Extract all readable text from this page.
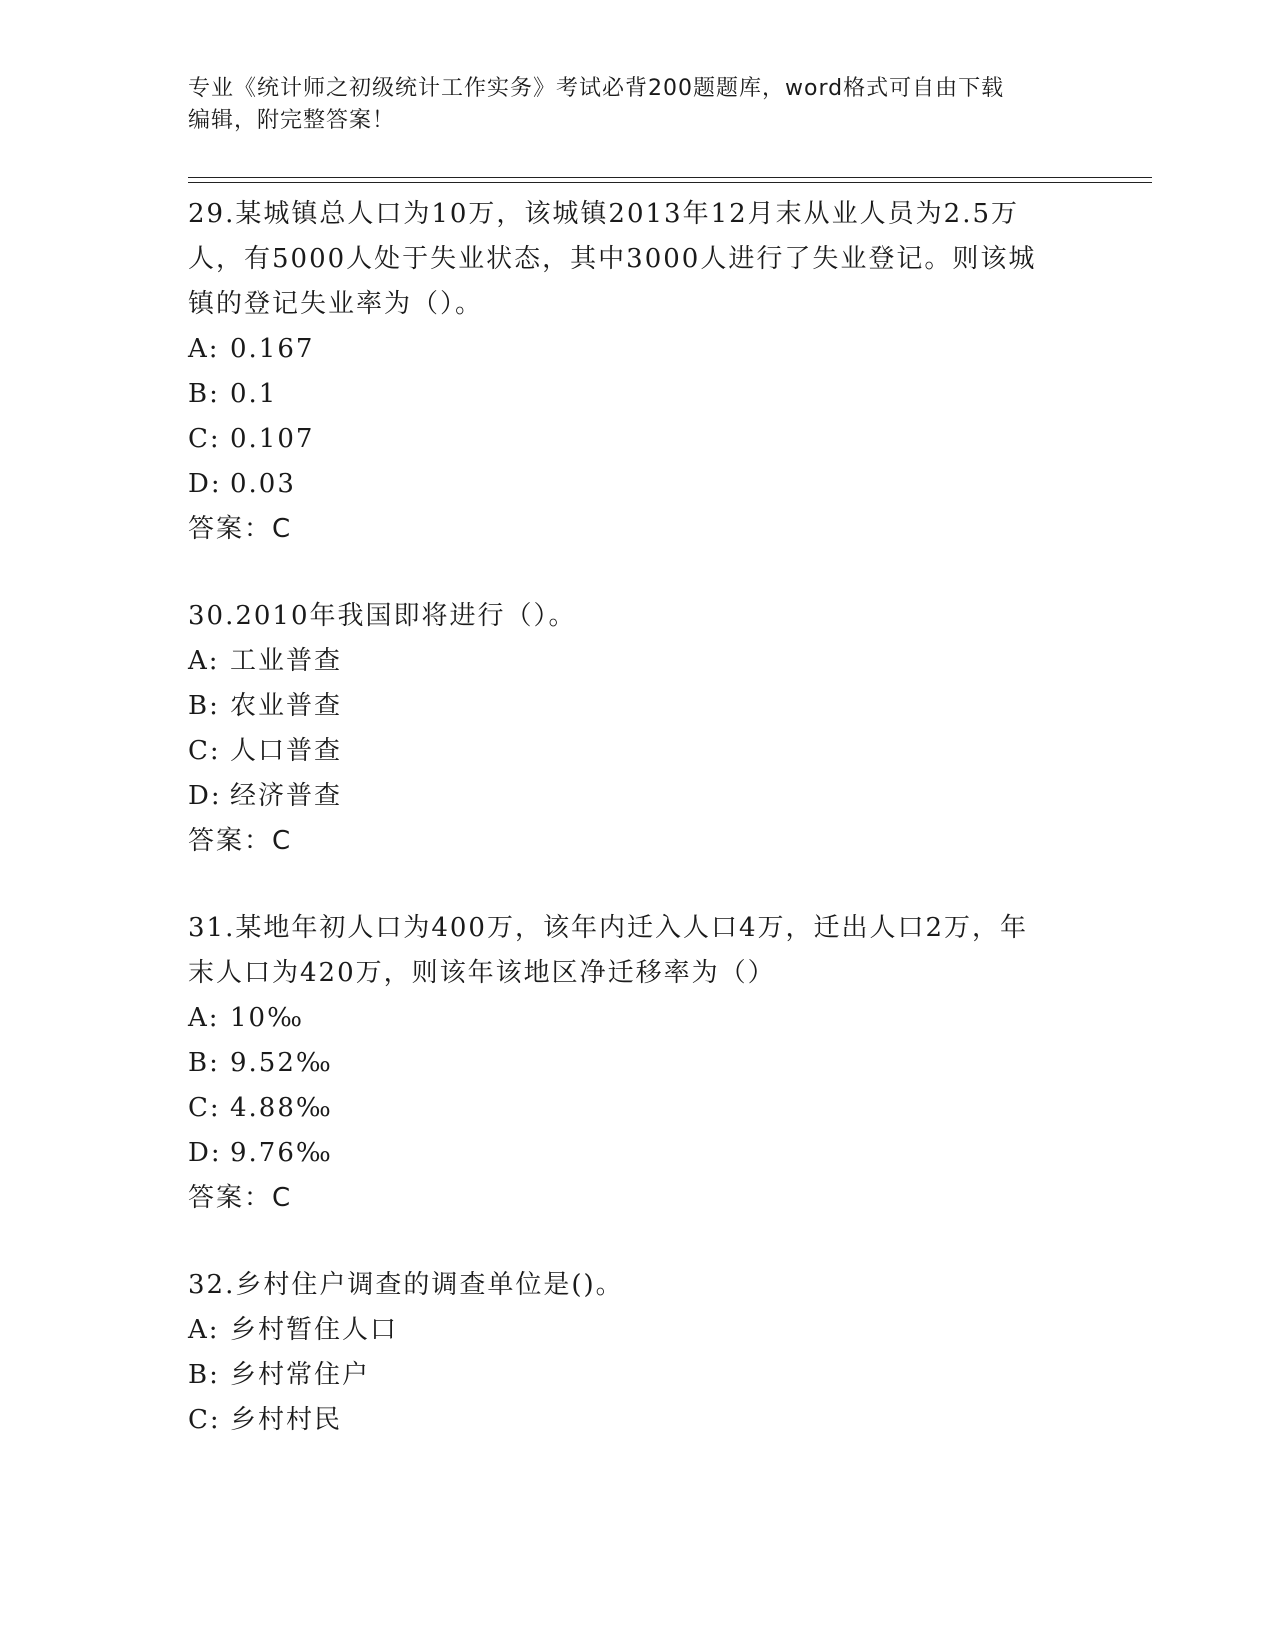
专业《统计师之初级统计工作实务》考试必背200题题库，word格式可自由下载
编辑，附完整答案！
29.某城镇总人口为10万，该城镇2013年12月末从业人员为2.5万
人，有5000人处于失业状态，其中3000人进行了失业登记。则该城
镇的登记失业率为（）。
A: 0.167
B: 0.1
C: 0.107
D: 0.03
答案：C
30.2010年我国即将进行（）。
A: 工业普查
B: 农业普查
C: 人口普查
D: 经济普查
答案：C
31.某地年初人口为400万，该年内迁入人口4万，迁出人口2万，年
末人口为420万，则该年该地区净迁移率为（）
A: 10‰
B: 9.52‰
C: 4.88‰
D: 9.76‰
答案：C
32.乡村住户调查的调查单位是()。
A: 乡村暂住人口
B: 乡村常住户
C: 乡村村民
